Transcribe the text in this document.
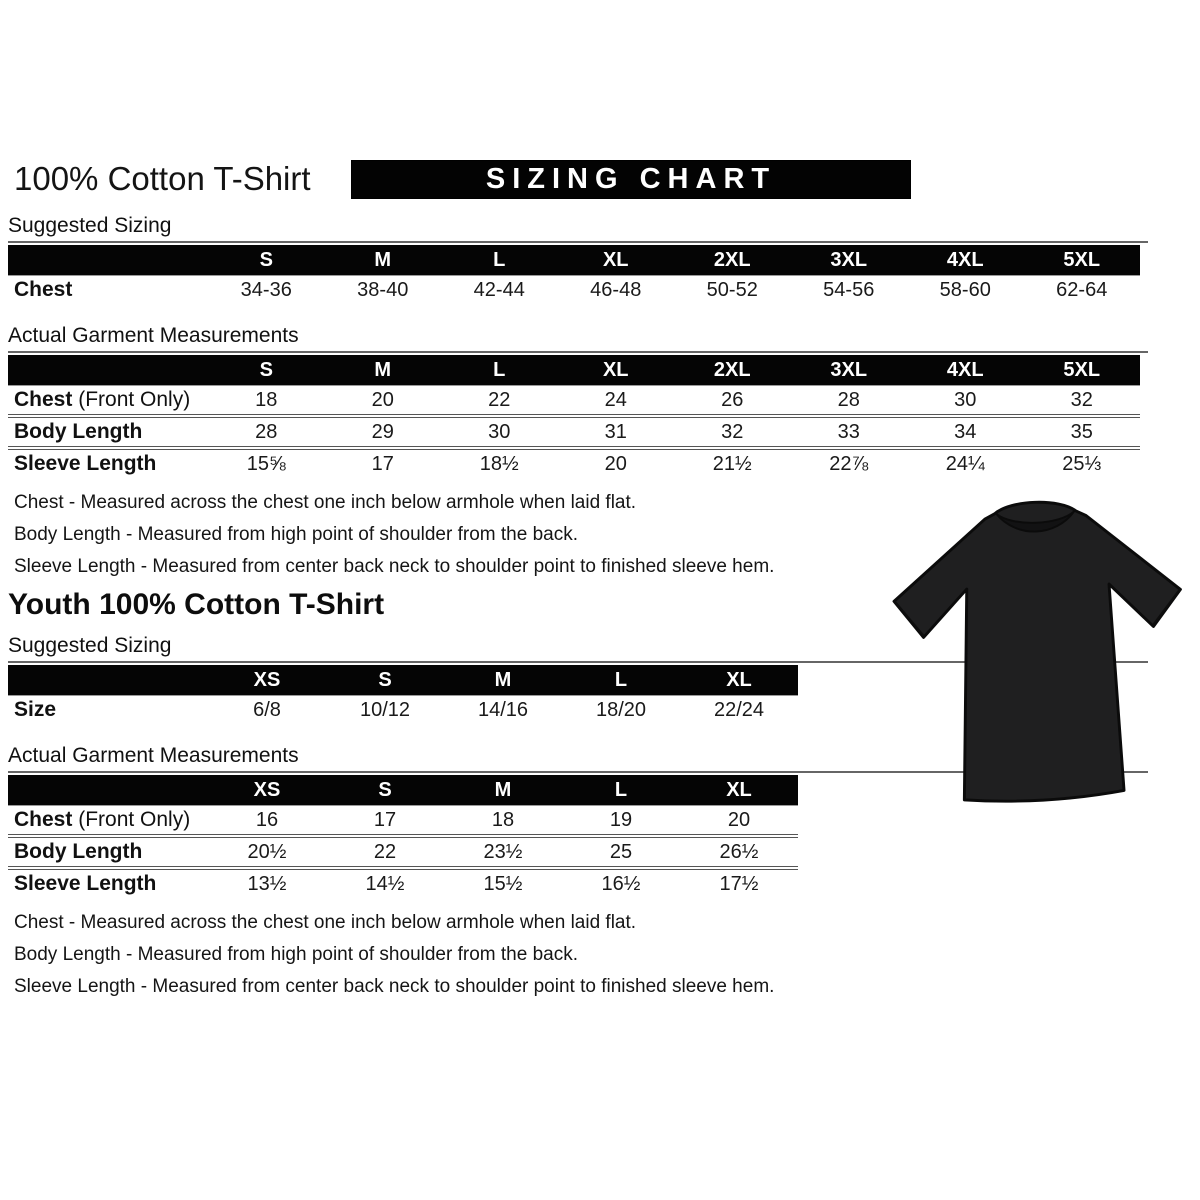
100% Cotton T-Shirt	SIZING CHART
Suggested Sizing
S	M	L	XL	2XL	3XL	4XL	5XL
Chest	34-36	38-40	42-44	46-48	50-52	54-56	58-60	62-64
Actual Garment Measurements
S	M	L	XL	2XL	3XL	4XL	5XL
Chest (Front Only)	18	20	22	24	26	28	30	32
Body Length	28	29	30	31	32	33	34	35
Sleeve Length	15⅝	17	18½	20	21½	22⅞	24¼	25⅓

Chest - Measured across the chest one inch below armhole when laid flat.

Body Length - Measured from high point of shoulder from the back.

Sleeve Length - Measured from center back neck to shoulder point to finished sleeve hem.

Youth 100% Cotton T-Shirt
Suggested Sizing
XS	S	M	L	XL
Size	6/8	10/12	14/16	18/20	22/24
Actual Garment Measurements
XS	S	M	L	XL
Chest (Front Only)	16	17	18	19	20
Body Length	20½	22	23½	25	26½
Sleeve Length	13½	14½	15½	16½	17½

Chest - Measured across the chest one inch below armhole when laid flat.

Body Length - Measured from high point of shoulder from the back.

Sleeve Length - Measured from center back neck to shoulder point to finished sleeve hem.
